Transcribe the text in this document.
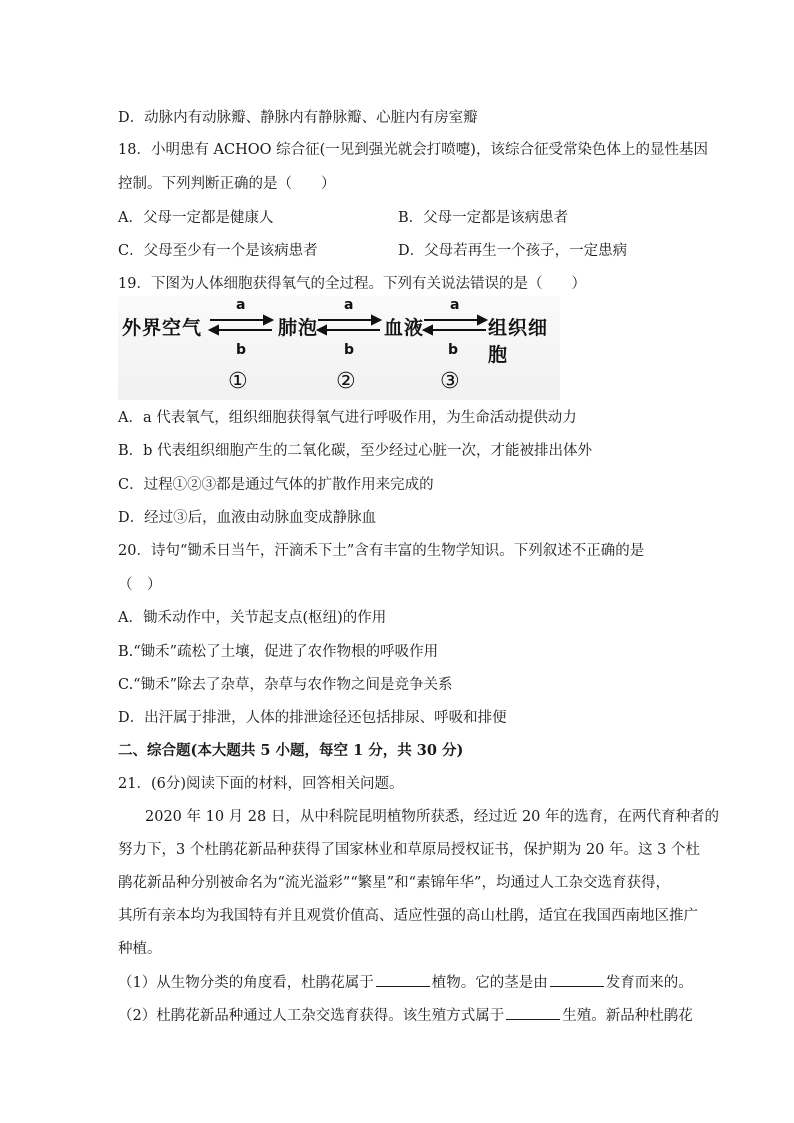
D．动脉内有动脉瓣、静脉内有静脉瓣、心脏内有房室瓣
18．小明患有 ACHOO 综合征(一见到强光就会打喷嚏)，该综合征受常染色体上的显性基因
控制。下列判断正确的是（　　）
A．父母一定都是健康人	B．父母一定都是该病患者
C．父母至少有一个是该病患者	D．父母若再生一个孩子，一定患病
19．下图为人体细胞获得氧气的全过程。下列有关说法错误的是（　　）
外界空气	肺泡	血液	组织细胞
a	a	a
b	b	b
①	②	③
A．a 代表氧气，组织细胞获得氧气进行呼吸作用，为生命活动提供动力
B．b 代表组织细胞产生的二氧化碳，至少经过心脏一次，才能被排出体外
C．过程①②③都是通过气体的扩散作用来完成的
D．经过③后，血液由动脉血变成静脉血
20．诗句“锄禾日当午，汗滴禾下土”含有丰富的生物学知识。下列叙述不正确的是
（　）
A．锄禾动作中，关节起支点(枢纽)的作用
B.“锄禾”疏松了土壤，促进了农作物根的呼吸作用
C.“锄禾”除去了杂草，杂草与农作物之间是竞争关系
D．出汗属于排泄，人体的排泄途径还包括排尿、呼吸和排便
二、综合题(本大题共 5 小题，每空 1 分，共 30 分)
21．(6分)阅读下面的材料，回答相关问题。
2020 年 10 月 28 日，从中科院昆明植物所获悉，经过近 20 年的选育，在两代育种者的
努力下，3 个杜鹃花新品种获得了国家林业和草原局授权证书，保护期为 20 年。这 3 个杜
鹃花新品种分别被命名为“流光溢彩”“繁星”和“素锦年华”，均通过人工杂交选育获得，
其所有亲本均为我国特有并且观赏价值高、适应性强的高山杜鹃，适宜在我国西南地区推广
种植。
（1）从生物分类的角度看，杜鹃花属于	植物。它的茎是由	发育而来的。
（2）杜鹃花新品种通过人工杂交选育获得。该生殖方式属于	生殖。新品种杜鹃花
